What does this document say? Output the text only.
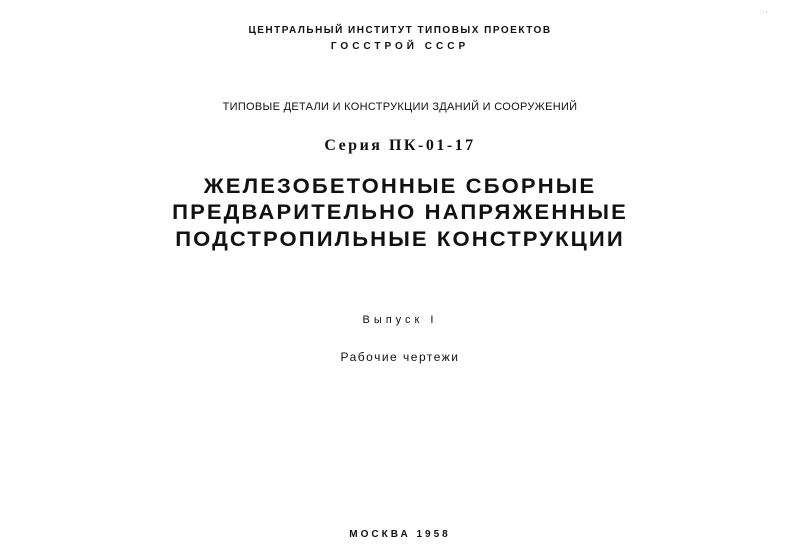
ЦЕНТРАЛЬНЫЙ ИНСТИТУТ ТИПОВЫХ ПРОЕКТОВ
ГОССТРОЙ СССР
ТИПОВЫЕ ДЕТАЛИ И КОНСТРУКЦИИ ЗДАНИЙ И СООРУЖЕНИЙ
Серия ПК-01-17
ЖЕЛЕЗОБЕТОННЫЕ СБОРНЫЕ
ПРЕДВАРИТЕЛЬНО НАПРЯЖЕННЫЕ
ПОДСТРОПИЛЬНЫЕ КОНСТРУКЦИИ
Выпуск I
Рабочие чертежи
МОСКВА 1958
